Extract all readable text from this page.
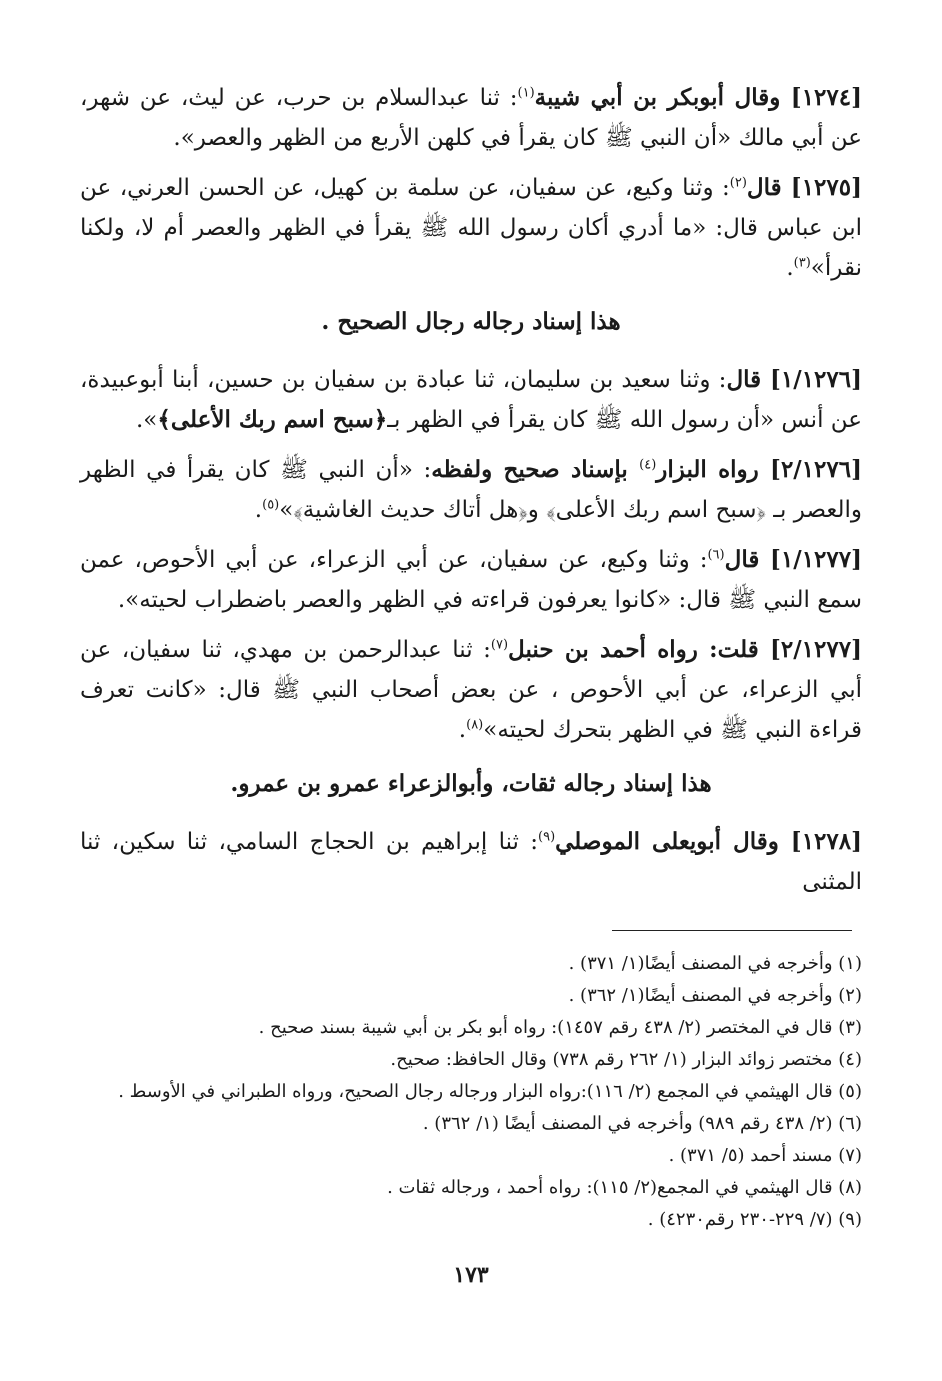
[١٢٧٤] وقال أبوبكر بن أبي شيبة$^{(١)}$: ثنا عبدالسلام بن حرب، عن ليث، عن شهر، عن أبي مالك «أن النبي ﷺ كان يقرأ في كلهن الأربع من الظهر والعصر».

[١٢٧٥] قال$^{(٢)}$: وثنا وكيع، عن سفيان، عن سلمة بن كهيل، عن الحسن العرني، عن ابن عباس قال: «ما أدري أكان رسول الله ﷺ يقرأ في الظهر والعصر أم لا، ولكنا نقرأ»$^{(٣)}$.

هذا إسناد رجاله رجال الصحيح .

[١/١٢٧٦] قال: وثنا سعيد بن سليمان، ثنا عبادة بن سفيان بن حسين، أبنا أبوعبيدة، عن أنس «أن رسول الله ﷺ كان يقرأ في الظهر بـ﴿سبح اسم ربك الأعلى﴾».

[٢/١٢٧٦] رواه البزار$^{(٤)}$ بإسناد صحيح ولفظه: «أن النبي ﷺ كان يقرأ في الظهر والعصر بـ ﴿سبح اسم ربك الأعلى﴾ و﴿هل أتاك حديث الغاشية﴾»$^{(٥)}$.

[١/١٢٧٧] قال$^{(٦)}$: وثنا وكيع، عن سفيان، عن أبي الزعراء، عن أبي الأحوص، عمن سمع النبي ﷺ قال: «كانوا يعرفون قراءته في الظهر والعصر باضطراب لحيته».

[٢/١٢٧٧] قلت: رواه أحمد بن حنبل$^{(٧)}$: ثنا عبدالرحمن بن مهدي، ثنا سفيان، عن أبي الزعراء، عن أبي الأحوص ، عن بعض أصحاب النبي ﷺ قال: «كانت تعرف قراءة النبي ﷺ في الظهر بتحرك لحيته»$^{(٨)}$.

هذا إسناد رجاله ثقات، وأبوالزعراء عمرو بن عمرو.

[١٢٧٨] وقال أبويعلى الموصلي$^{(٩)}$: ثنا إبراهيم بن الحجاج السامي، ثنا سكين، ثنا المثنى

(١) وأخرجه في المصنف أيضًا(١/ ٣٧١) .
(٢) وأخرجه في المصنف أيضًا(١/ ٣٦٢) .
(٣) قال في المختصر (٢/ ٤٣٨ رقم ١٤٥٧): رواه أبو بكر بن أبي شيبة بسند صحيح .
(٤) مختصر زوائد البزار (١/ ٢٦٢ رقم ٧٣٨) وقال الحافظ: صحيح.
(٥) قال الهيثمي في المجمع (٢/ ١١٦):رواه البزار ورجاله رجال الصحيح، ورواه الطبراني في الأوسط .
(٦) (٢/ ٤٣٨ رقم ٩٨٩) وأخرجه في المصنف أيضًا (١/ ٣٦٢) .
(٧) مسند أحمد (٥/ ٣٧١) .
(٨) قال الهيثمي في المجمع(٢/ ١١٥): رواه أحمد ، ورجاله ثقات .
(٩) (٧/ ٢٢٩-٢٣٠ رقم٤٢٣٠) .
١٧٣
